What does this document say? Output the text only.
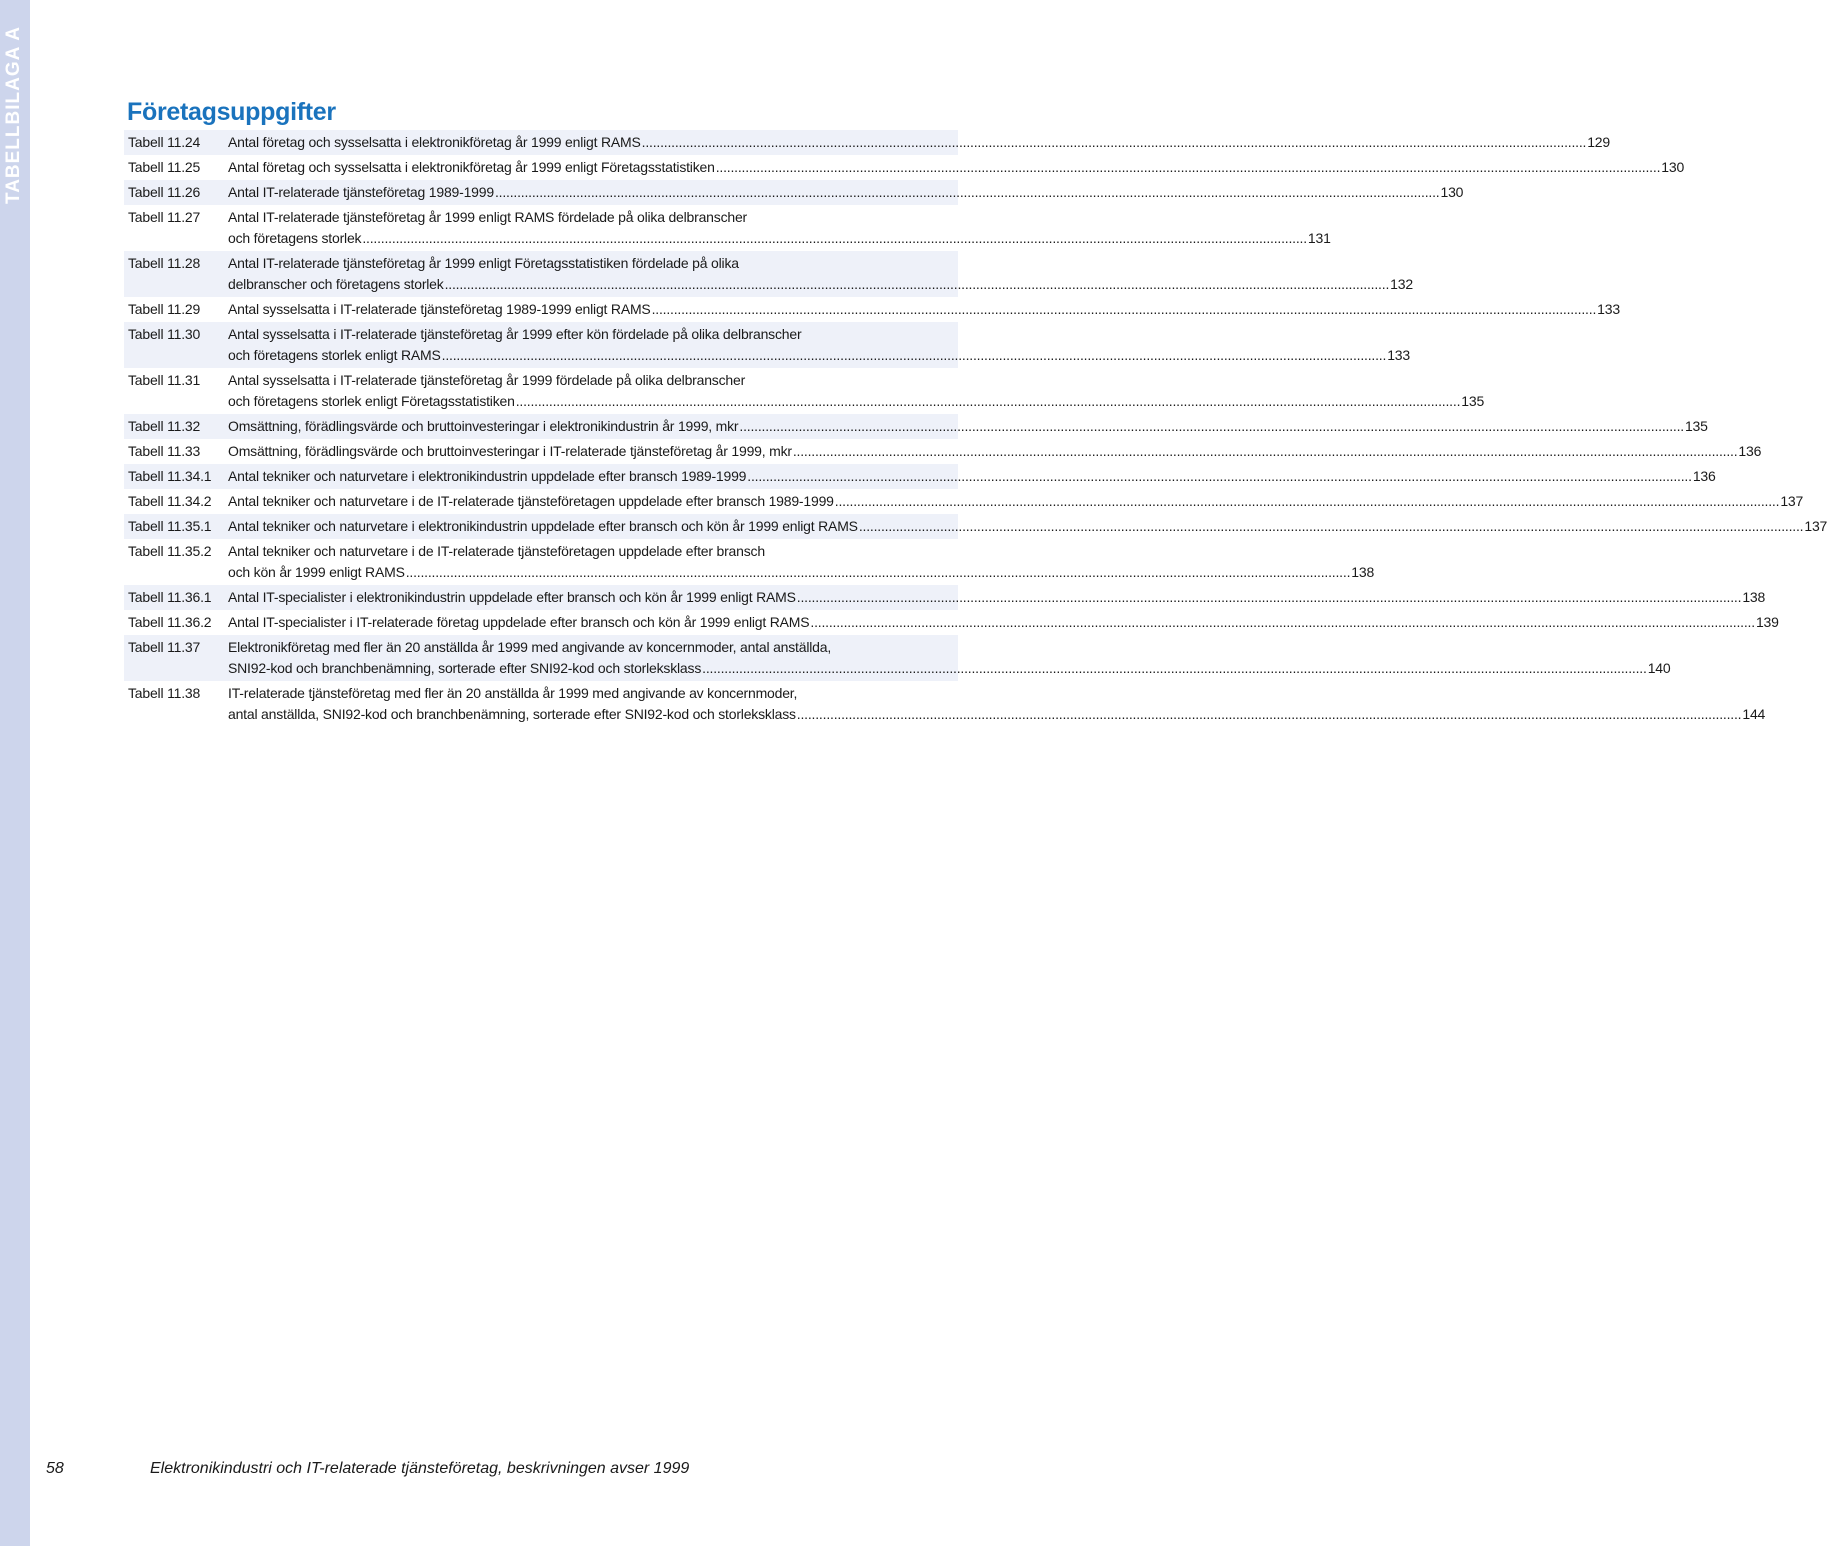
TABELLBILAGA A	Företagsuppgifter
Tabell 11.24	Antal företag och sysselsatta i elektronikföretag år 1999 enligt RAMS .....	129
Tabell 11.25	Antal företag och sysselsatta i elektronikföretag år 1999 enligt Företagsstatistiken .....	130
Tabell 11.26	Antal IT-relaterade tjänsteföretag 1989-1999 .....	130
Tabell 11.27	Antal IT-relaterade tjänsteföretag år 1999 enligt RAMS fördelade på olika delbranscher
och företagens storlek .....	131
Tabell 11.28	Antal IT-relaterade tjänsteföretag år 1999 enligt Företagsstatistiken fördelade på olika
delbranscher och företagens storlek .....	132
Tabell 11.29	Antal sysselsatta i IT-relaterade tjänsteföretag 1989-1999 enligt RAMS .....	133
Tabell 11.30	Antal sysselsatta i IT-relaterade tjänsteföretag år 1999 efter kön fördelade på olika delbranscher
och företagens storlek enligt RAMS .....	133
Tabell 11.31	Antal sysselsatta i IT-relaterade tjänsteföretag år 1999 fördelade på olika delbranscher
och företagens storlek enligt Företagsstatistiken .....	135
Tabell 11.32	Omsättning, förädlingsvärde och bruttoinvesteringar i elektronikindustrin år 1999, mkr .....	135
Tabell 11.33	Omsättning, förädlingsvärde och bruttoinvesteringar i IT-relaterade tjänsteföretag år 1999, mkr .....	136
Tabell 11.34.1	Antal tekniker och naturvetare i elektronikindustrin uppdelade efter bransch 1989-1999 .....	136
Tabell 11.34.2	Antal tekniker och naturvetare i de IT-relaterade tjänsteföretagen uppdelade efter bransch 1989-1999 .....	137
Tabell 11.35.1	Antal tekniker och naturvetare i elektronikindustrin uppdelade efter bransch och kön år 1999 enligt RAMS .....	137
Tabell 11.35.2	Antal tekniker och naturvetare i de IT-relaterade tjänsteföretagen uppdelade efter bransch
och kön år 1999 enligt RAMS .....	138
Tabell 11.36.1	Antal IT-specialister i elektronikindustrin uppdelade efter bransch och kön år 1999 enligt RAMS .....	138
Tabell 11.36.2	Antal IT-specialister i IT-relaterade företag uppdelade efter bransch och kön år 1999 enligt RAMS .....	139
Tabell 11.37	Elektronikföretag med fler än 20 anställda år 1999 med angivande av koncernmoder, antal anställda,
SNI92-kod och branchbenämning, sorterade efter SNI92-kod och storleksklass .....	140
Tabell 11.38	IT-relaterade tjänsteföretag med fler än 20 anställda år 1999 med angivande av koncernmoder,
antal anställda, SNI92-kod och branchbenämning, sorterade efter SNI92-kod och storleksklass .....	144
58	Elektronikindustri och IT-relaterade tjänsteföretag, beskrivningen avser 1999
